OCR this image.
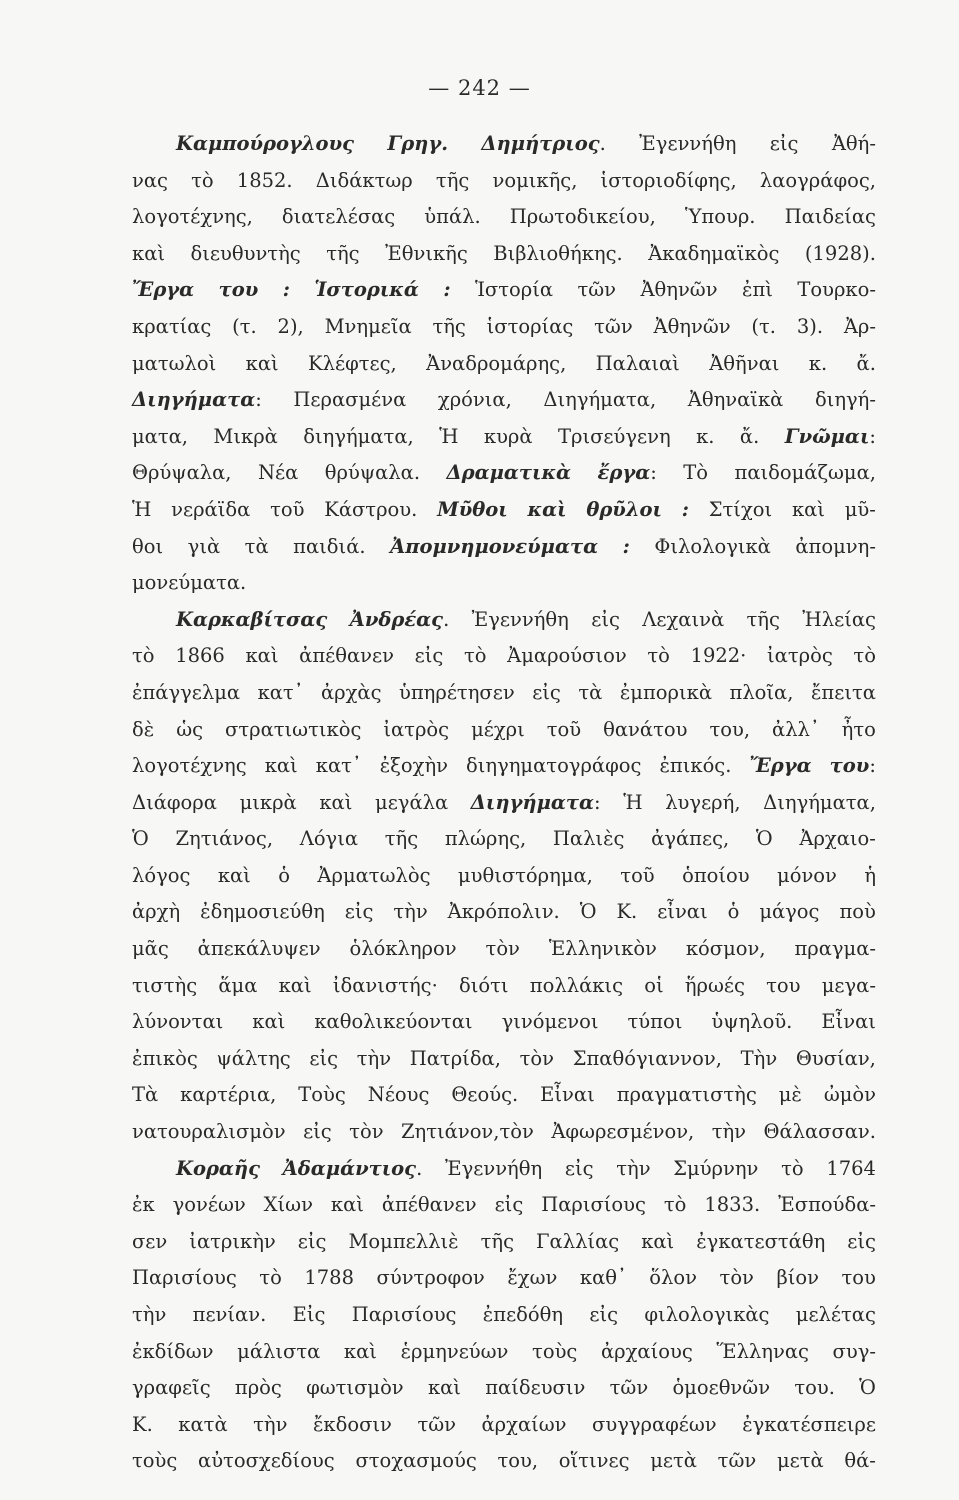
— 242 —
Καμπούρογλους Γρηγ. Δημήτριος. Ἐγεννήθη εἰς Ἀθή-
νας τὸ 1852. Διδάκτωρ τῆς νομικῆς, ἱστοριοδίφης, λαογράφος,
λογοτέχνης, διατελέσας ὑπάλ. Πρωτοδικείου, Ὑπουρ. Παιδείας
καὶ διευθυντὴς τῆς Ἐθνικῆς Βιβλιοθήκης. Ἀκαδημαϊκὸς (1928).
Ἔργα του : Ἱστορικά : Ἱστορία τῶν Ἀθηνῶν ἐπὶ Τουρκο-
κρατίας (τ. 2), Μνημεῖα τῆς ἱστορίας τῶν Ἀθηνῶν (τ. 3). Ἀρ-
ματωλοὶ καὶ Κλέφτες, Ἀναδρομάρης, Παλαιαὶ Ἀθῆναι κ. ἄ.
Διηγήματα: Περασμένα χρόνια, Διηγήματα, Ἀθηναϊκὰ διηγή-
ματα, Μικρὰ διηγήματα, Ἡ κυρὰ Τρισεύγενη κ. ἄ. Γνῶμαι:
Θρύψαλα, Νέα θρύψαλα. Δραματικὰ ἔργα: Τὸ παιδομάζωμα,
Ἡ νεράϊδα τοῦ Κάστρου. Μῦθοι καὶ θρῦλοι : Στίχοι καὶ μῦ-
θοι γιὰ τὰ παιδιά. Ἀπομνημονεύματα : Φιλολογικὰ ἀπομνη-
μονεύματα.
Καρκαβίτσας Ἀνδρέας. Ἐγεννήθη εἰς Λεχαινὰ τῆς Ἠλείας
τὸ 1866 καὶ ἀπέθανεν εἰς τὸ Ἀμαρούσιον τὸ 1922· ἰατρὸς τὸ
ἐπάγγελμα κατ᾽ ἀρχὰς ὑπηρέτησεν εἰς τὰ ἐμπορικὰ πλοῖα, ἔπειτα
δὲ ὡς στρατιωτικὸς ἰατρὸς μέχρι τοῦ θανάτου του, ἀλλ᾽ ἦτο
λογοτέχνης καὶ κατ᾽ ἐξοχὴν διηγηματογράφος ἐπικός. Ἔργα του:
Διάφορα μικρὰ καὶ μεγάλα Διηγήματα: Ἡ λυγερή, Διηγήματα,
Ὁ Ζητιάνος, Λόγια τῆς πλώρης, Παλιὲς ἀγάπες, Ὁ Ἀρχαιο-
λόγος καὶ ὁ Ἀρματωλὸς μυθιστόρημα, τοῦ ὁποίου μόνον ἡ
ἀρχὴ ἐδημοσιεύθη εἰς τὴν Ἀκρόπολιν. Ὁ Κ. εἶναι ὁ μάγος ποὺ
μᾶς ἀπεκάλυψεν ὁλόκληρον τὸν Ἑλληνικὸν κόσμον, πραγμα-
τιστὴς ἅμα καὶ ἰδανιστής· διότι πολλάκις οἱ ἥρωές του μεγα-
λύνονται καὶ καθολικεύονται γινόμενοι τύποι ὑψηλοῦ. Εἶναι
ἐπικὸς ψάλτης εἰς τὴν Πατρίδα, τὸν Σπαθόγιαννον, Τὴν Θυσίαν,
Τὰ καρτέρια, Τοὺς Νέους Θεούς. Εἶναι πραγματιστὴς μὲ ὠμὸν
νατουραλισμὸν εἰς τὸν Ζητιάνον,τὸν Ἀφωρεσμένον, τὴν Θάλασσαν.
Κοραῆς Ἀδαμάντιος. Ἐγεννήθη εἰς τὴν Σμύρνην τὸ 1764
ἐκ γονέων Χίων καὶ ἀπέθανεν εἰς Παρισίους τὸ 1833. Ἐσπούδα-
σεν ἰατρικὴν εἰς Μομπελλιὲ τῆς Γαλλίας καὶ ἐγκατεστάθη εἰς
Παρισίους τὸ 1788 σύντροφον ἔχων καθ᾽ ὅλον τὸν βίον του
τὴν πενίαν. Εἰς Παρισίους ἐπεδόθη εἰς φιλολογικὰς μελέτας
ἐκδίδων μάλιστα καὶ ἑρμηνεύων τοὺς ἀρχαίους Ἕλληνας συγ-
γραφεῖς πρὸς φωτισμὸν καὶ παίδευσιν τῶν ὁμοεθνῶν του. Ὁ
Κ. κατὰ τὴν ἔκδοσιν τῶν ἀρχαίων συγγραφέων ἐγκατέσπειρε
τοὺς αὐτοσχεδίους στοχασμούς του, οἵτινες μετὰ τῶν μετὰ θά-
